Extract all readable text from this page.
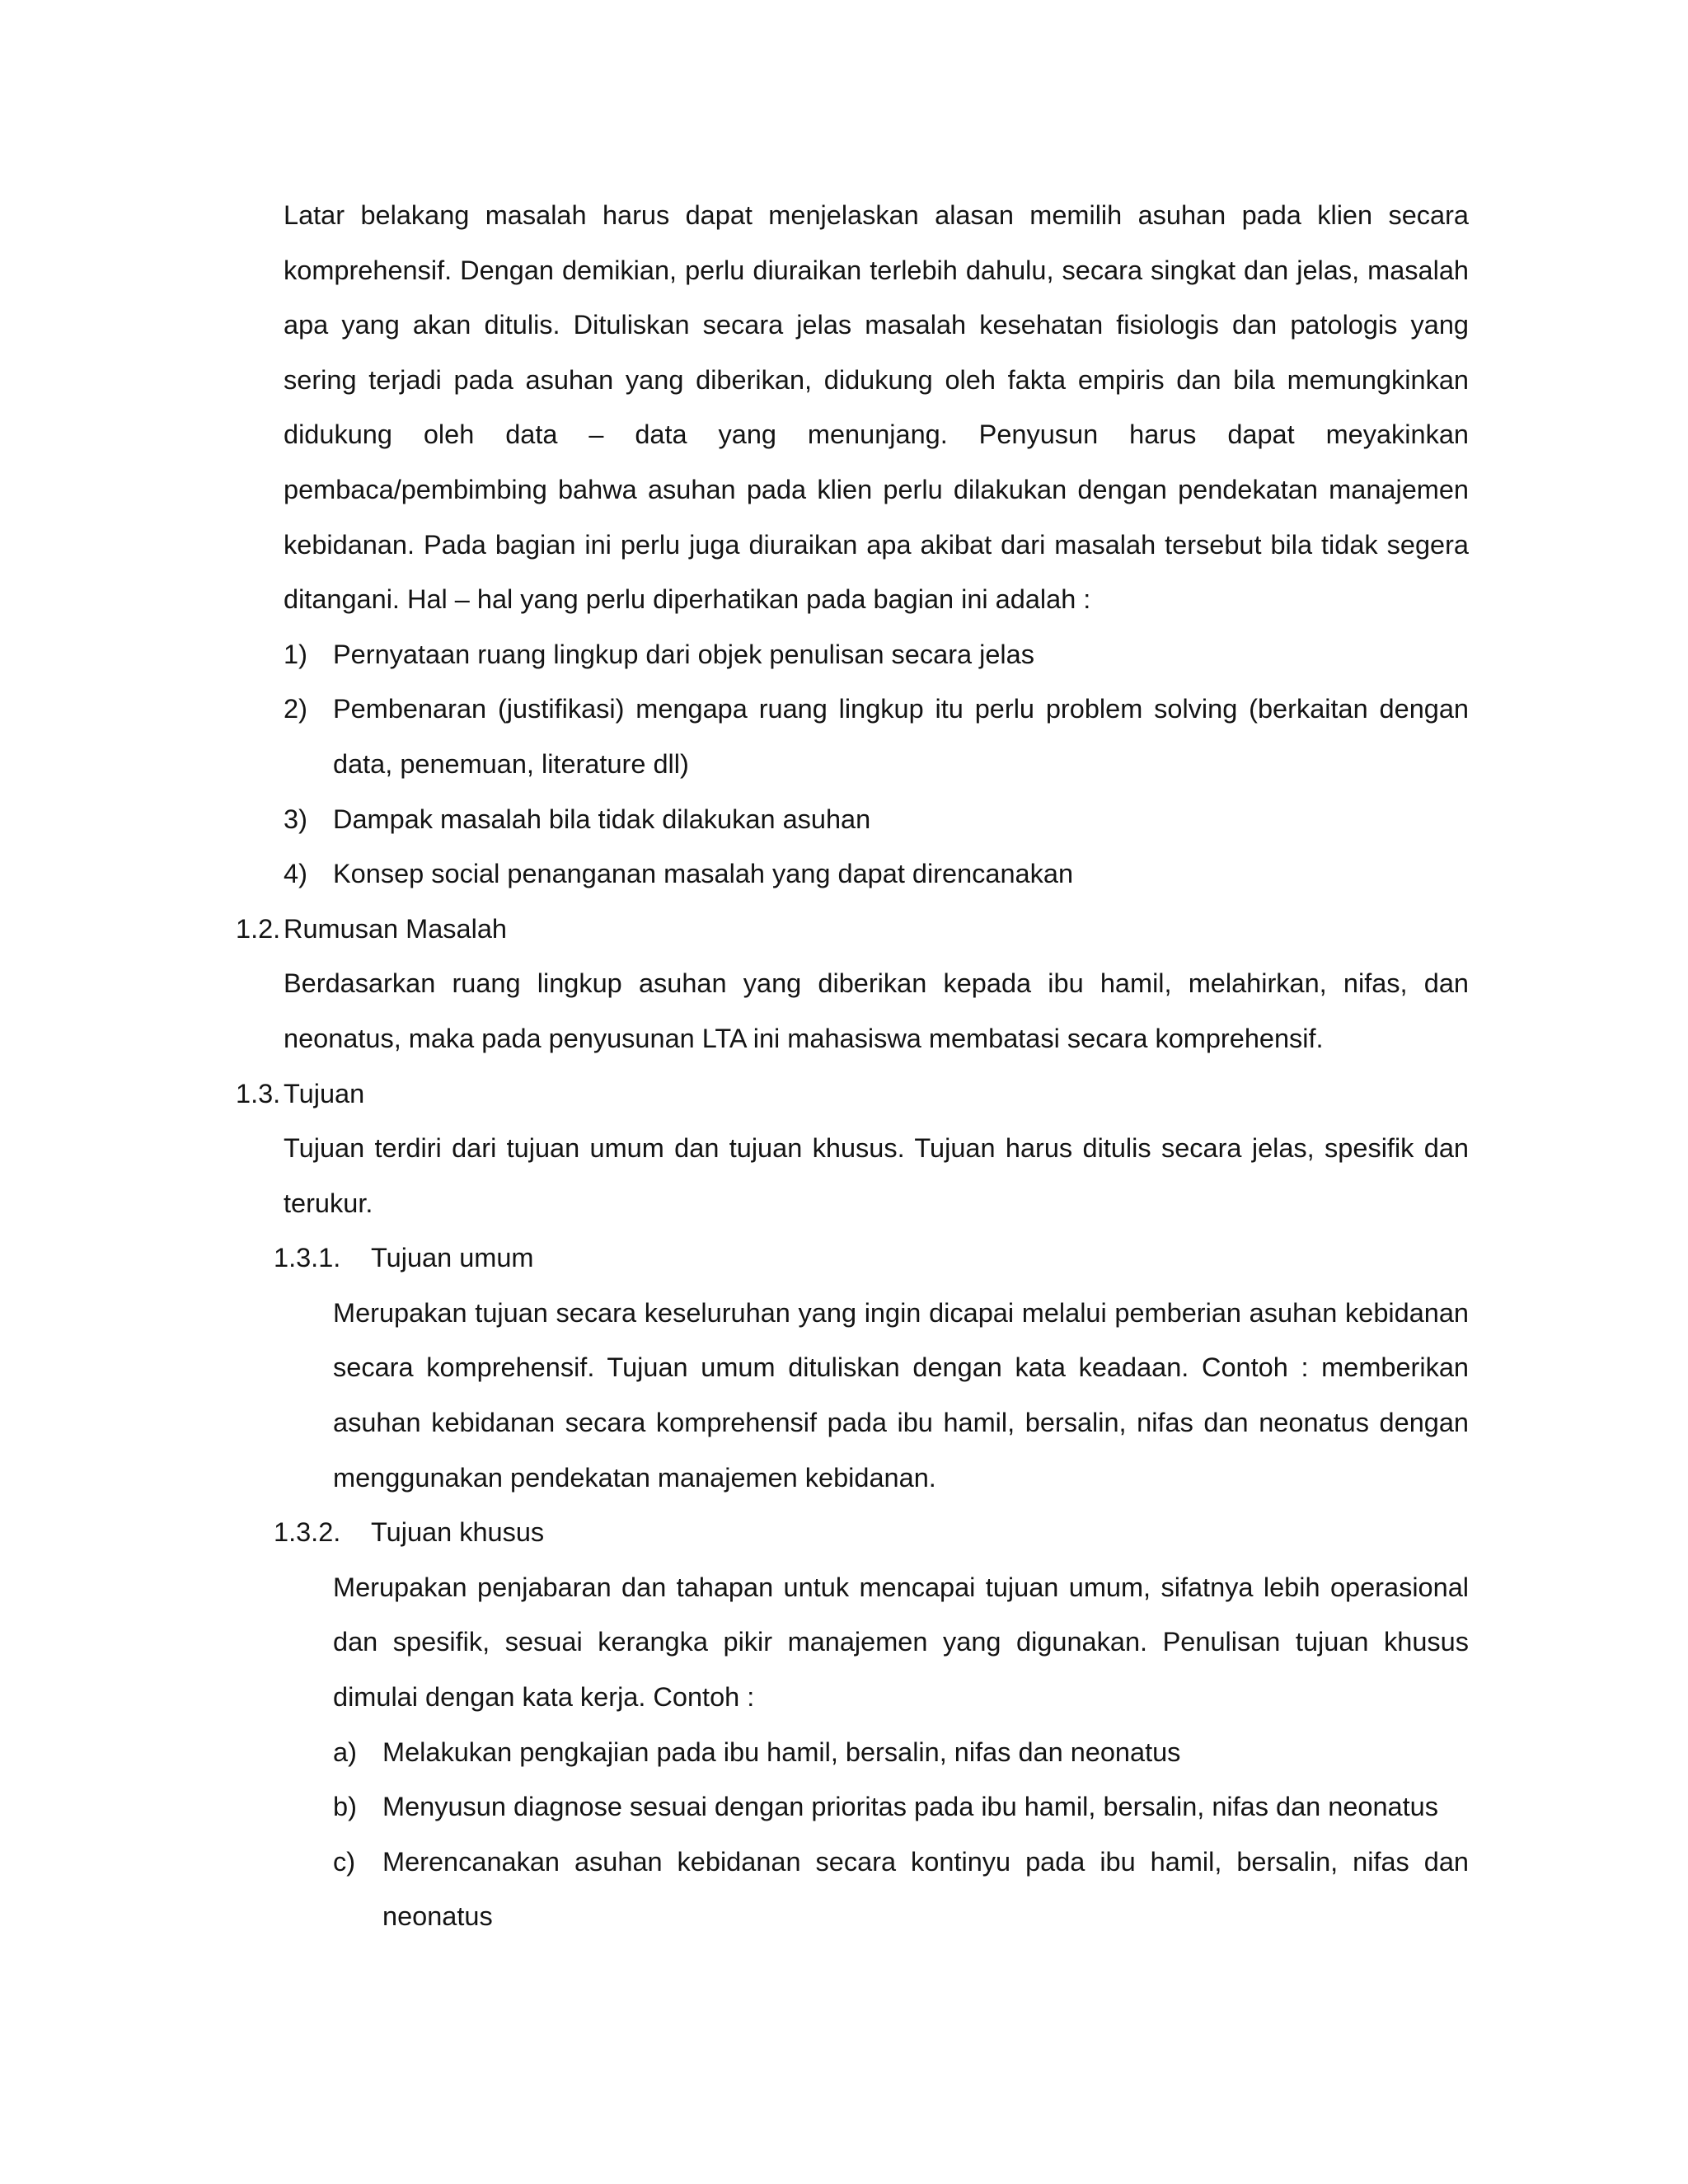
Latar belakang masalah harus dapat menjelaskan alasan memilih asuhan pada klien secara komprehensif. Dengan demikian, perlu diuraikan terlebih dahulu, secara singkat dan jelas, masalah apa yang akan ditulis. Dituliskan secara jelas masalah kesehatan fisiologis dan patologis yang sering terjadi pada asuhan yang diberikan, didukung oleh fakta empiris dan bila memungkinkan didukung oleh data – data yang menunjang. Penyusun harus dapat meyakinkan pembaca/pembimbing bahwa asuhan pada klien perlu dilakukan dengan pendekatan manajemen kebidanan. Pada bagian ini perlu juga diuraikan apa akibat dari masalah tersebut bila tidak segera ditangani. Hal – hal yang perlu diperhatikan pada bagian ini adalah :

1) Pernyataan ruang lingkup dari objek penulisan secara jelas
2) Pembenaran (justifikasi) mengapa ruang lingkup itu perlu problem solving (berkaitan dengan data, penemuan, literature dll)
3) Dampak masalah bila tidak dilakukan asuhan
4) Konsep social penanganan masalah yang dapat direncanakan
1.2. Rumusan Masalah

Berdasarkan ruang lingkup asuhan yang diberikan kepada ibu hamil, melahirkan, nifas, dan neonatus, maka pada penyusunan LTA ini mahasiswa membatasi secara komprehensif.

1.3. Tujuan

Tujuan terdiri dari tujuan umum dan tujuan khusus. Tujuan harus ditulis secara jelas, spesifik dan terukur.

1.3.1.	Tujuan umum

Merupakan tujuan secara keseluruhan yang ingin dicapai melalui pemberian asuhan kebidanan secara komprehensif. Tujuan umum dituliskan dengan kata keadaan. Contoh : memberikan asuhan kebidanan secara komprehensif pada ibu hamil, bersalin, nifas dan neonatus dengan menggunakan pendekatan manajemen kebidanan.

1.3.2.	Tujuan khusus

Merupakan penjabaran dan tahapan untuk mencapai tujuan umum, sifatnya lebih operasional dan spesifik, sesuai kerangka pikir manajemen yang digunakan. Penulisan tujuan khusus dimulai dengan kata kerja. Contoh :

a) Melakukan pengkajian pada ibu hamil, bersalin, nifas dan neonatus
b) Menyusun diagnose sesuai dengan prioritas pada ibu hamil, bersalin, nifas dan neonatus
c)	Merencanakan asuhan kebidanan secara kontinyu pada ibu hamil, bersalin, nifas dan neonatus
